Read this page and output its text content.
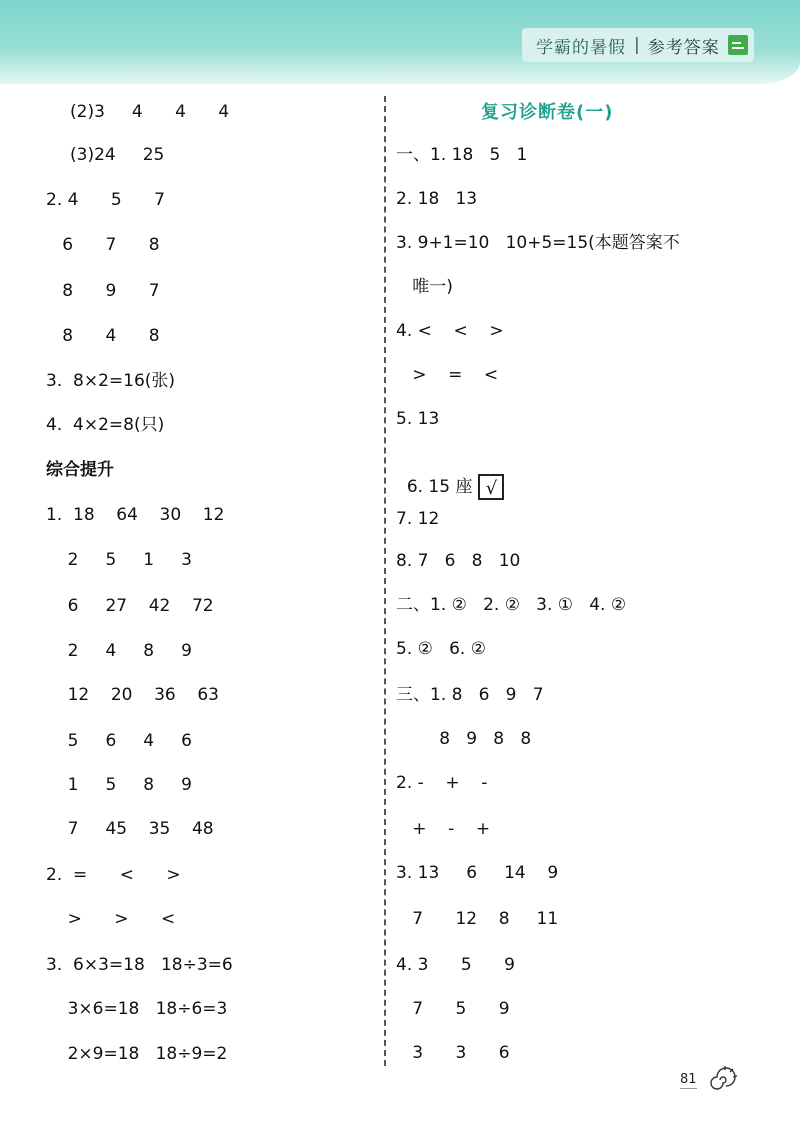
学霸的暑假 | 参考答案
(2)3     4      4      4
(3)24     25
2. 4      5      7
6      7      8
8      9      7
8      4      8
3.  8×2=16(张)
4.  4×2=8(只)
综合提升
1.  18    64    30    12
2     5     1     3
6     27    42    72
2     4     8     9
12    20    36    63
5     6     4     6
1     5     8     9
7     45    35    48
2.  =      <      >
>      >      <
3.  6×3=18   18÷3=6
3×6=18   18÷6=3
2×9=18   18÷9=2
复习诊断卷(一)
一、1. 18   5   1
2. 18   13
3. 9+1=10   10+5=15(本题答案不
唯一)
4. <    <    >
>    =    <
5. 13

6. 15 座 √

7. 12
8. 7   6   8   10
二、1. ②   2. ②   3. ①   4. ②
5. ②   6. ②
三、1. 8   6   9   7
8   9   8   8
2. -    +    -
+    -    +
3. 13     6     14    9
7      12    8     11
4. 3      5      9
7      5      9
3      3      6
81
